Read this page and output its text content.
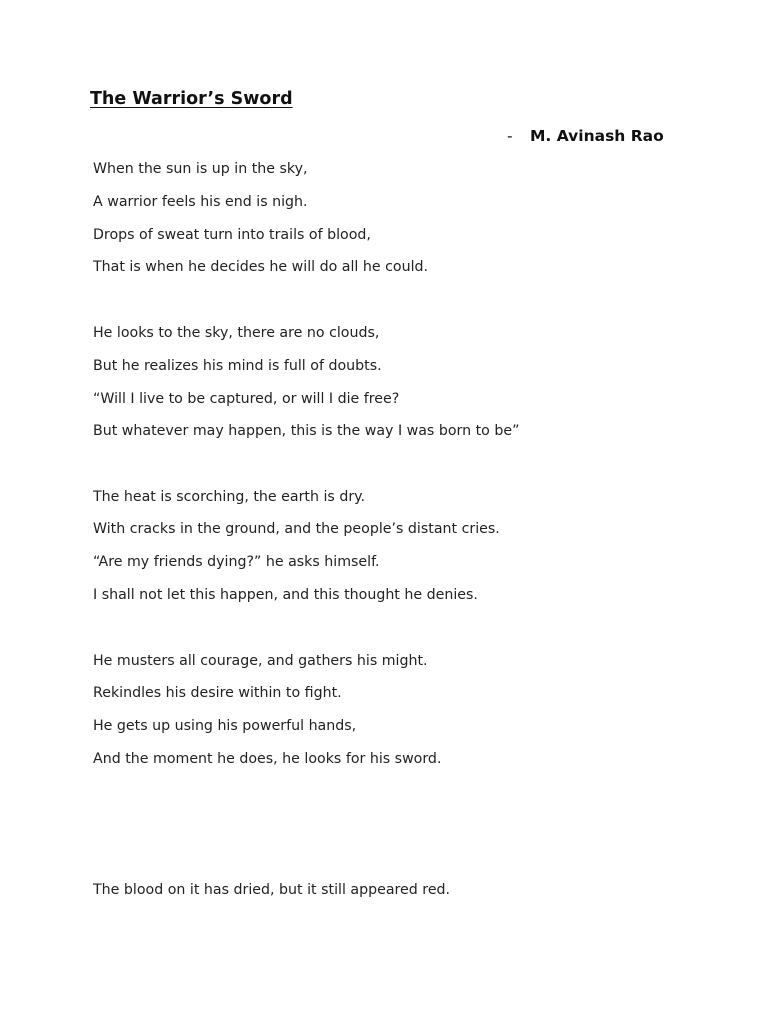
The Warrior’s Sword
- M. Avinash Rao
When the sun is up in the sky,
A warrior feels his end is nigh.
Drops of sweat turn into trails of blood,
That is when he decides he will do all he could.
He looks to the sky, there are no clouds,
But he realizes his mind is full of doubts.
“Will I live to be captured, or will I die free?
But whatever may happen, this is the way I was born to be”
The heat is scorching, the earth is dry.
With cracks in the ground, and the people’s distant cries.
“Are my friends dying?” he asks himself.
I shall not let this happen, and this thought he denies.
He musters all courage, and gathers his might.
Rekindles his desire within to fight.
He gets up using his powerful hands,
And the moment he does, he looks for his sword.
The blood on it has dried, but it still appeared red.
